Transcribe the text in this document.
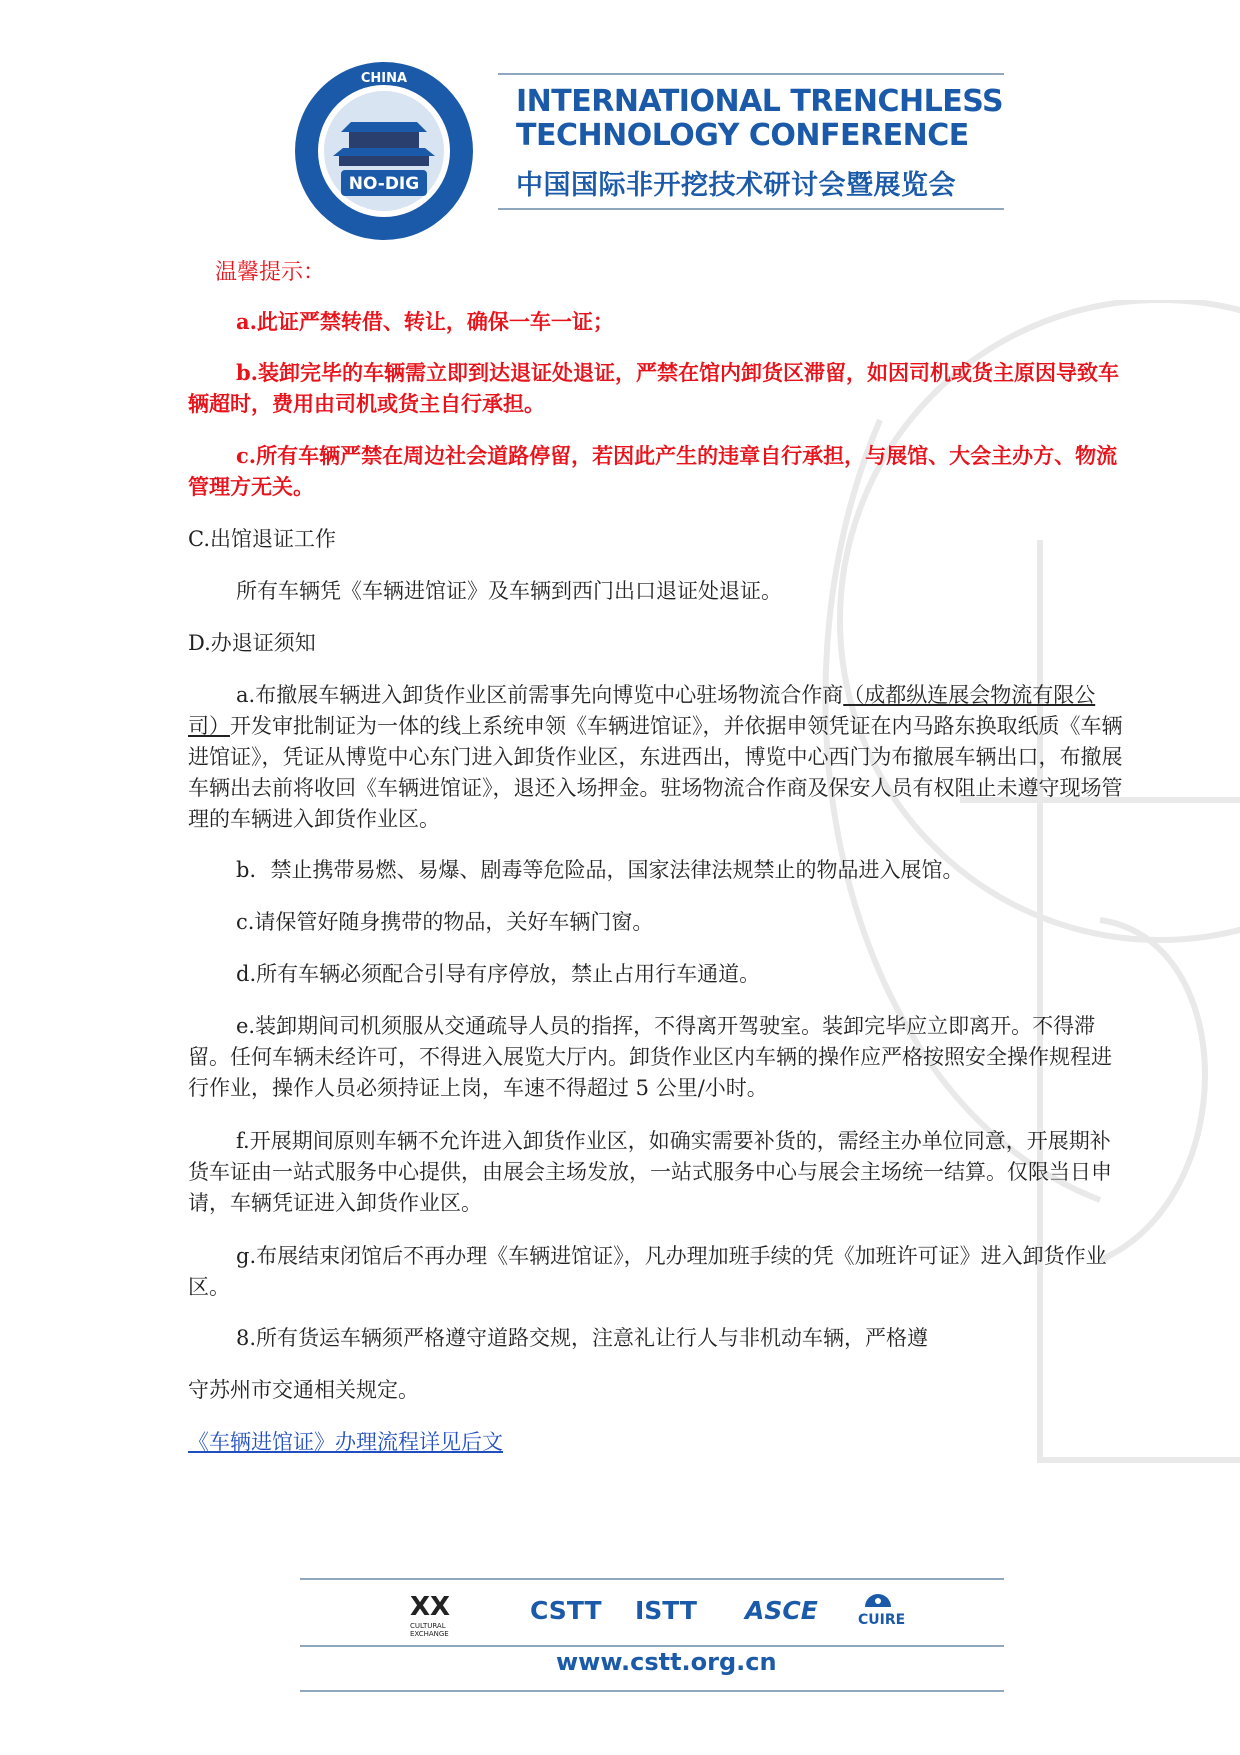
NO-DIG
CHINA
INTERNATIONAL TRENCHLESS
TECHNOLOGY CONFERENCE
中国国际非开挖技术研讨会暨展览会
温馨提示：
a.此证严禁转借、转让，确保一车一证；
b.装卸完毕的车辆需立即到达退证处退证，严禁在馆内卸货区滞留，如因司机或货主原因导致车辆超时，费用由司机或货主自行承担。
c.所有车辆严禁在周边社会道路停留，若因此产生的违章自行承担，与展馆、大会主办方、物流管理方无关。
C.出馆退证工作
所有车辆凭《车辆进馆证》及车辆到西门出口退证处退证。
D.办退证须知
a.布撤展车辆进入卸货作业区前需事先向博览中心驻场物流合作商（成都纵连展会物流有限公司）开发审批制证为一体的线上系统申领《车辆进馆证》，并依据申领凭证在内马路东换取纸质《车辆进馆证》，凭证从博览中心东门进入卸货作业区，东进西出，博览中心西门为布撤展车辆出口，布撤展车辆出去前将收回《车辆进馆证》，退还入场押金。驻场物流合作商及保安人员有权阻止未遵守现场管理的车辆进入卸货作业区。
b．禁止携带易燃、易爆、剧毒等危险品，国家法律法规禁止的物品进入展馆。
c.请保管好随身携带的物品，关好车辆门窗。
d.所有车辆必须配合引导有序停放，禁止占用行车通道。
e.装卸期间司机须服从交通疏导人员的指挥，不得离开驾驶室。装卸完毕应立即离开。不得滞留。任何车辆未经许可，不得进入展览大厅内。卸货作业区内车辆的操作应严格按照安全操作规程进行作业，操作人员必须持证上岗，车速不得超过 5 公里/小时。
f.开展期间原则车辆不允许进入卸货作业区，如确实需要补货的，需经主办单位同意，开展期补货车证由一站式服务中心提供，由展会主场发放，一站式服务中心与展会主场统一结算。仅限当日申请，车辆凭证进入卸货作业区。
g.布展结束闭馆后不再办理《车辆进馆证》，凡办理加班手续的凭《加班许可证》进入卸货作业区。
8.所有货运车辆须严格遵守道路交规，注意礼让行人与非机动车辆，严格遵
守苏州市交通相关规定。
《车辆进馆证》办理流程详见后文
XX
CULTURAL EXCHANGE
CSTT ISTT ASCE	CUIRE
www.cstt.org.cn
